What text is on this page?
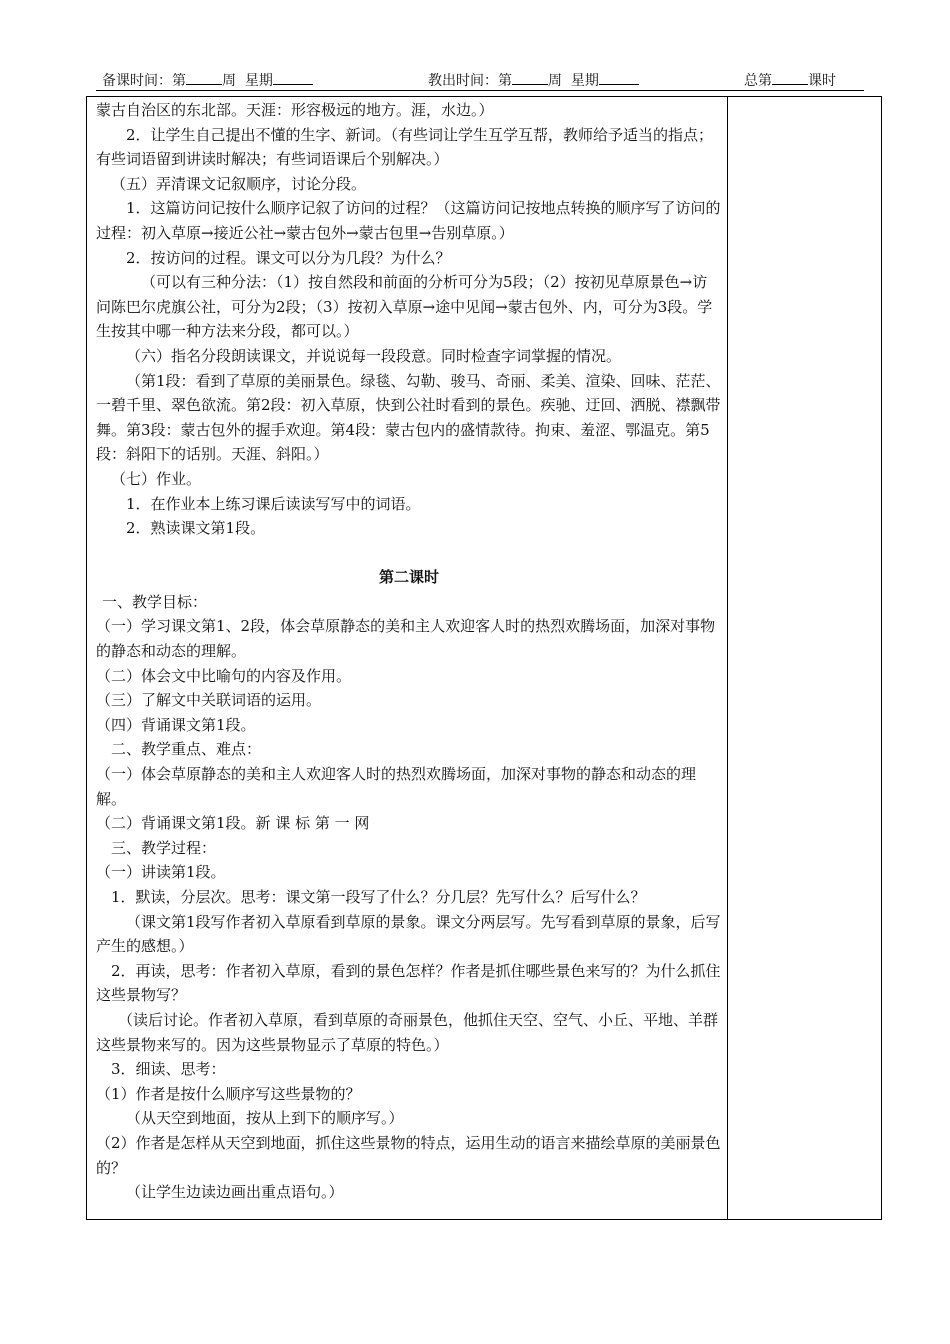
备课时间：第	周 星期	教出时间：第	周 星期	总第	课时

蒙古自治区的东北部。天涯：形容极远的地方。涯，水边。）

2．让学生自己提出不懂的生字、新词。（有些词让学生互学互帮，教师给予适当的指点；有些词语留到讲读时解决；有些词语课后个别解决。）

（五）弄清课文记叙顺序，讨论分段。

1．这篇访问记按什么顺序记叙了访问的过程？（这篇访问记按地点转换的顺序写了访问的过程：初入草原→接近公社→蒙古包外→蒙古包里→告别草原。）

2．按访问的过程。课文可以分为几段？为什么？

（可以有三种分法：（1）按自然段和前面的分析可分为5段；（2）按初见草原景色→访问陈巴尔虎旗公社，可分为2段；（3）按初入草原→途中见闻→蒙古包外、内，可分为3段。学生按其中哪一种方法来分段，都可以。）

（六）指名分段朗读课文，并说说每一段段意。同时检查字词掌握的情况。

（第1段：看到了草原的美丽景色。绿毯、勾勒、骏马、奇丽、柔美、渲染、回味、茫茫、一碧千里、翠色欲流。第2段：初入草原，快到公社时看到的景色。疾驰、迂回、洒脱、襟飘带舞。第3段：蒙古包外的握手欢迎。第4段：蒙古包内的盛情款待。拘束、羞涩、鄂温克。第5段：斜阳下的话别。天涯、斜阳。）

（七）作业。

1．在作业本上练习课后读读写写中的词语。

2．熟读课文第1段。

第二课时

一、教学目标：

（一）学习课文第1、2段，体会草原静态的美和主人欢迎客人时的热烈欢腾场面，加深对事物的静态和动态的理解。

（二）体会文中比喻句的内容及作用。

（三）了解文中关联词语的运用。

（四）背诵课文第1段。

二、教学重点、难点：

（一）体会草原静态的美和主人欢迎客人时的热烈欢腾场面，加深对事物的静态和动态的理解。

（二）背诵课文第1段。新 课 标 第 一 网

三、教学过程：

（一）讲读第1段。

1．默读，分层次。思考：课文第一段写了什么？分几层？先写什么？后写什么？

（课文第1段写作者初入草原看到草原的景象。课文分两层写。先写看到草原的景象，后写产生的感想。）

2．再读，思考：作者初入草原，看到的景色怎样？作者是抓住哪些景色来写的？为什么抓住这些景物写？

（读后讨论。作者初入草原，看到草原的奇丽景色，他抓住天空、空气、小丘、平地、羊群这些景物来写的。因为这些景物显示了草原的特色。）

3．细读、思考：

（1）作者是按什么顺序写这些景物的？

（从天空到地面，按从上到下的顺序写。）

（2）作者是怎样从天空到地面，抓住这些景物的特点，运用生动的语言来描绘草原的美丽景色的？

（让学生边读边画出重点语句。）
